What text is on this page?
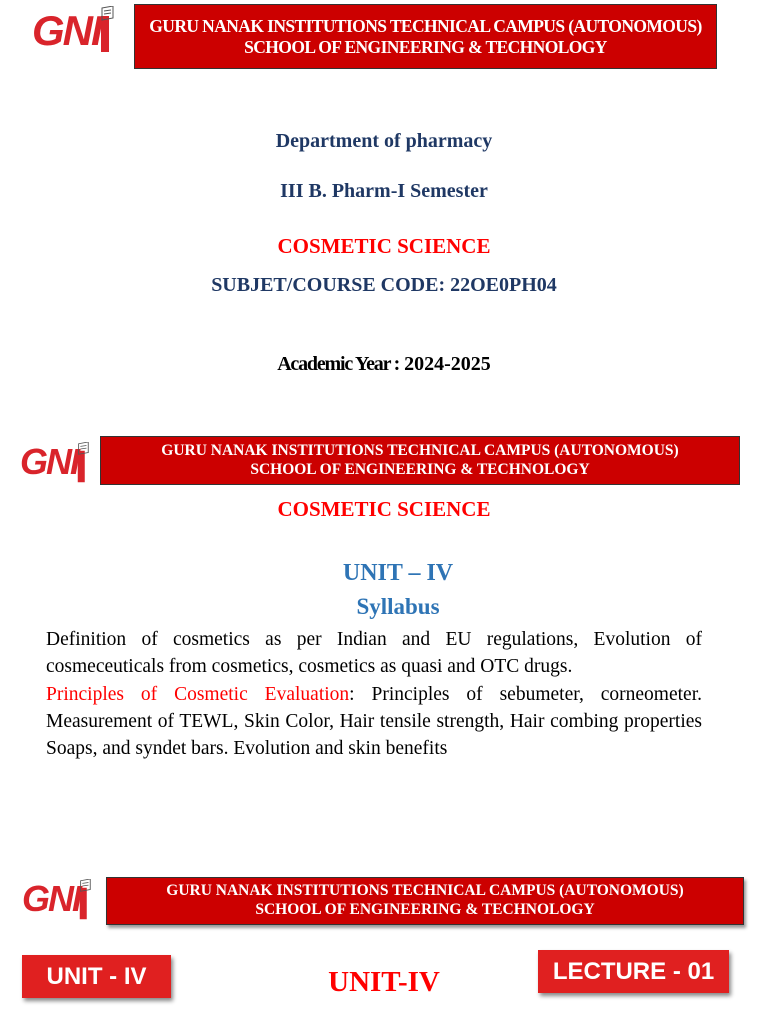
GNI	GURU NANAK INSTITUTIONS TECHNICAL CAMPUS (AUTONOMOUS)
SCHOOL OF ENGINEERING & TECHNOLOGY
Department of pharmacy
III B. Pharm-I Semester
COSMETIC SCIENCE
SUBJET/COURSE CODE: 22OE0PH04
Academic Year : 2024-2025
GNI	GURU NANAK INSTITUTIONS TECHNICAL CAMPUS (AUTONOMOUS)
SCHOOL OF ENGINEERING & TECHNOLOGY
COSMETIC SCIENCE
UNIT – IV
Syllabus
Definition of cosmetics as per Indian and EU regulations, Evolution of cosmeceuticals from cosmetics, cosmetics as quasi and OTC drugs.
Principles of Cosmetic Evaluation: Principles of sebumeter, corneometer. Measurement of TEWL, Skin Color, Hair tensile strength, Hair combing properties Soaps, and syndet bars. Evolution and skin benefits
GNI	GURU NANAK INSTITUTIONS TECHNICAL CAMPUS (AUTONOMOUS)
SCHOOL OF ENGINEERING & TECHNOLOGY
UNIT - IV	UNIT-IV	LECTURE - 01
